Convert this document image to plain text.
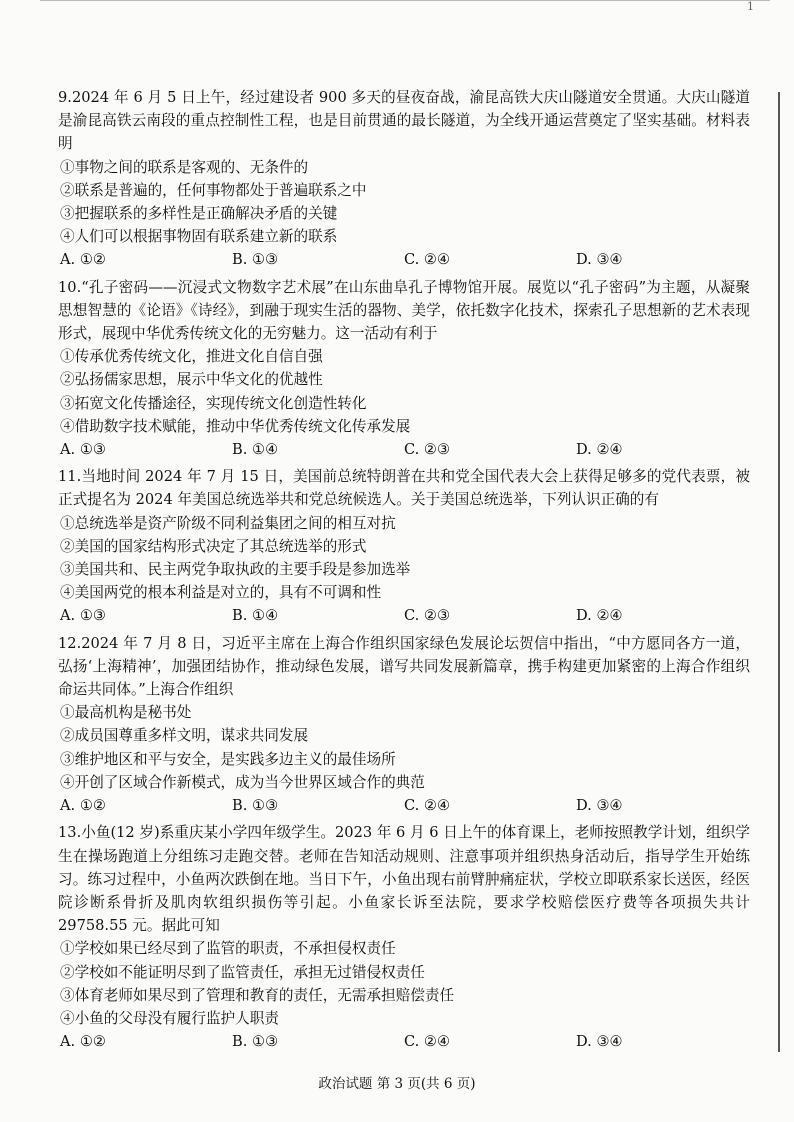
1

9.2024 年 6 月 5 日上午，经过建设者 900 多天的昼夜奋战，渝昆高铁大庆山隧道安全贯通。大庆山隧道是渝昆高铁云南段的重点控制性工程，也是目前贯通的最长隧道，为全线开通运营奠定了坚实基础。材料表明

①事物之间的联系是客观的、无条件的
②联系是普遍的，任何事物都处于普遍联系之中
③把握联系的多样性是正确解决矛盾的关键
④人们可以根据事物固有联系建立新的联系
A. ①②	B. ①③	C. ②④	D. ③④

10.“孔子密码——沉浸式文物数字艺术展”在山东曲阜孔子博物馆开展。展览以“孔子密码”为主题，从凝聚思想智慧的《论语》《诗经》，到融于现实生活的器物、美学，依托数字化技术，探索孔子思想新的艺术表现形式，展现中华优秀传统文化的无穷魅力。这一活动有利于

①传承优秀传统文化，推进文化自信自强
②弘扬儒家思想，展示中华文化的优越性
③拓宽文化传播途径，实现传统文化创造性转化
④借助数字技术赋能，推动中华优秀传统文化传承发展
A. ①③	B. ①④	C. ②③	D. ②④

11.当地时间 2024 年 7 月 15 日，美国前总统特朗普在共和党全国代表大会上获得足够多的党代表票，被正式提名为 2024 年美国总统选举共和党总统候选人。关于美国总统选举，下列认识正确的有

①总统选举是资产阶级不同利益集团之间的相互对抗
②美国的国家结构形式决定了其总统选举的形式
③美国共和、民主两党争取执政的主要手段是参加选举
④美国两党的根本利益是对立的，具有不可调和性
A. ①③	B. ①④	C. ②③	D. ②④

12.2024 年 7 月 8 日，习近平主席在上海合作组织国家绿色发展论坛贺信中指出，“中方愿同各方一道，弘扬‘上海精神’，加强团结协作，推动绿色发展，谱写共同发展新篇章，携手构建更加紧密的上海合作组织命运共同体。”上海合作组织

①最高机构是秘书处
②成员国尊重多样文明，谋求共同发展
③维护地区和平与安全，是实践多边主义的最佳场所
④开创了区域合作新模式，成为当今世界区域合作的典范
A. ①②	B. ①③	C. ②④	D. ③④

13.小鱼(12 岁)系重庆某小学四年级学生。2023 年 6 月 6 日上午的体育课上，老师按照教学计划，组织学生在操场跑道上分组练习走跑交替。老师在告知活动规则、注意事项并组织热身活动后，指导学生开始练习。练习过程中，小鱼两次跌倒在地。当日下午，小鱼出现右前臂肿痛症状，学校立即联系家长送医，经医院诊断系骨折及肌肉软组织损伤等引起。小鱼家长诉至法院，要求学校赔偿医疗费等各项损失共计 29758.55 元。据此可知

①学校如果已经尽到了监管的职责，不承担侵权责任
②学校如不能证明尽到了监管责任，承担无过错侵权责任
③体育老师如果尽到了管理和教育的责任，无需承担赔偿责任
④小鱼的父母没有履行监护人职责
A. ①②	B. ①③	C. ②④	D. ③④
政治试题 第 3 页(共 6 页)
